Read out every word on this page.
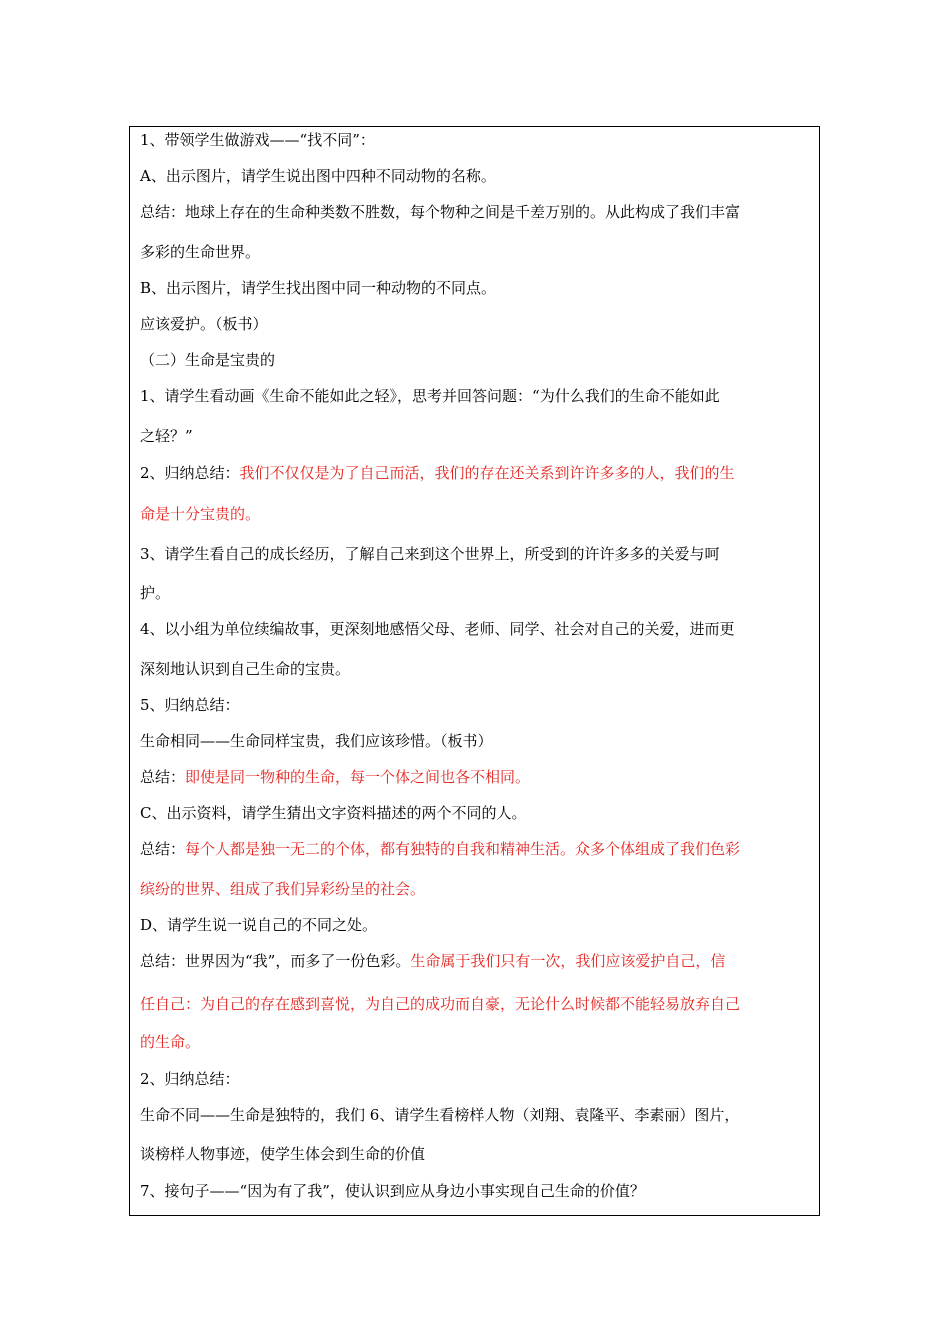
1、带领学生做游戏——“找不同”：
A、出示图片，请学生说出图中四种不同动物的名称。
总结：地球上存在的生命种类数不胜数，每个物种之间是千差万别的。从此构成了我们丰富
多彩的生命世界。
B、出示图片，请学生找出图中同一种动物的不同点。
应该爱护。（板书）
（二）生命是宝贵的
1、请学生看动画《生命不能如此之轻》，思考并回答问题：“为什么我们的生命不能如此
之轻？”
2、归纳总结：我们不仅仅是为了自己而活，我们的存在还关系到许许多多的人，我们的生
命是十分宝贵的。
3、请学生看自己的成长经历，了解自己来到这个世界上，所受到的许许多多的关爱与呵
护。
4、以小组为单位续编故事，更深刻地感悟父母、老师、同学、社会对自己的关爱，进而更
深刻地认识到自己生命的宝贵。
5、归纳总结：
生命相同——生命同样宝贵，我们应该珍惜。（板书）
总结：即使是同一物种的生命，每一个体之间也各不相同。
C、出示资料，请学生猜出文字资料描述的两个不同的人。
总结：每个人都是独一无二的个体，都有独特的自我和精神生活。众多个体组成了我们色彩
缤纷的世界、组成了我们异彩纷呈的社会。
D、请学生说一说自己的不同之处。
总结：世界因为“我”，而多了一份色彩。生命属于我们只有一次，我们应该爱护自己，信
任自己：为自己的存在感到喜悦，为自己的成功而自豪，无论什么时候都不能轻易放弃自己
的生命。
2、归纳总结：
生命不同——生命是独特的，我们 6、请学生看榜样人物（刘翔、袁隆平、李素丽）图片，
谈榜样人物事迹，使学生体会到生命的价值
7、接句子——“因为有了我”，使认识到应从身边小事实现自己生命的价值？
